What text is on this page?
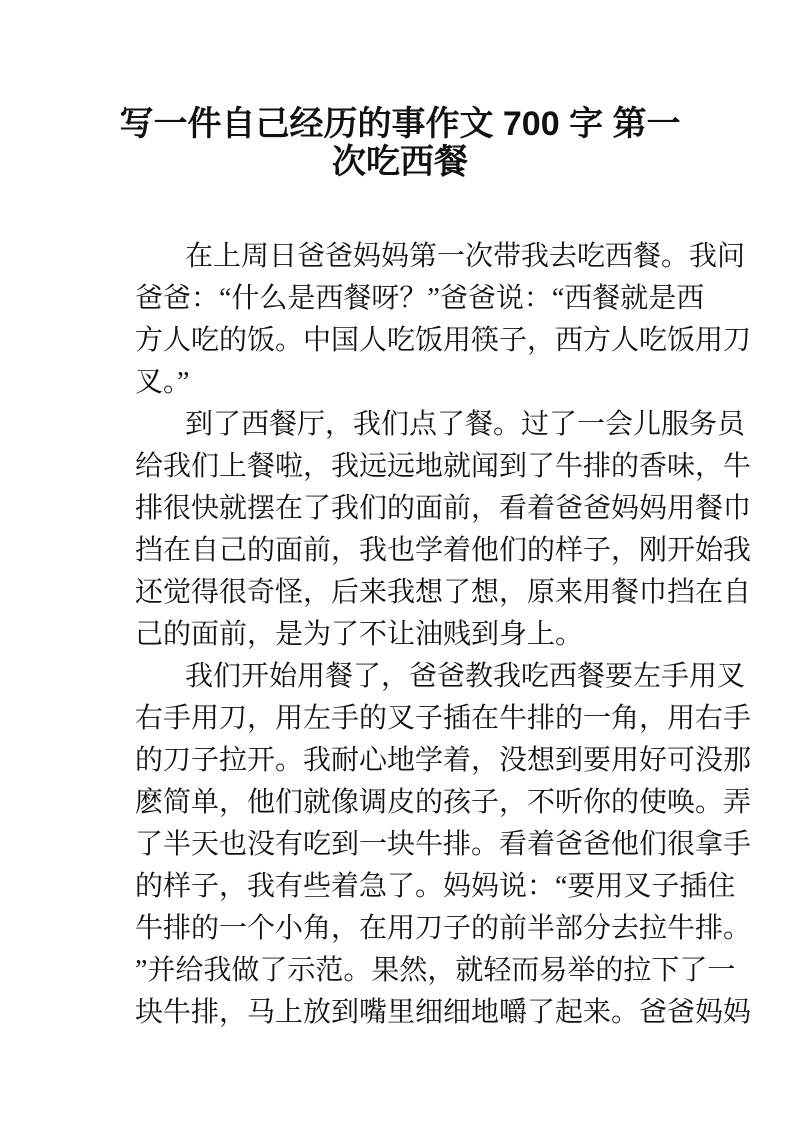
写一件自己经历的事作文 700 字 第一
次吃西餐
在上周日爸爸妈妈第一次带我去吃西餐。我问
爸爸：“什么是西餐呀？”爸爸说：“西餐就是西
方人吃的饭。中国人吃饭用筷子，西方人吃饭用刀
叉。”
到了西餐厅，我们点了餐。过了一会儿服务员
给我们上餐啦，我远远地就闻到了牛排的香味，牛
排很快就摆在了我们的面前，看着爸爸妈妈用餐巾
挡在自己的面前，我也学着他们的样子，刚开始我
还觉得很奇怪，后来我想了想，原来用餐巾挡在自
己的面前，是为了不让油贱到身上。
我们开始用餐了，爸爸教我吃西餐要左手用叉
右手用刀，用左手的叉子插在牛排的一角，用右手
的刀子拉开。我耐心地学着，没想到要用好可没那
麽简单，他们就像调皮的孩子，不听你的使唤。弄
了半天也没有吃到一块牛排。看着爸爸他们很拿手
的样子，我有些着急了。妈妈说：“要用叉子插住
牛排的一个小角，在用刀子的前半部分去拉牛排。
”并给我做了示范。果然，就轻而易举的拉下了一
块牛排，马上放到嘴里细细地嚼了起来。爸爸妈妈
